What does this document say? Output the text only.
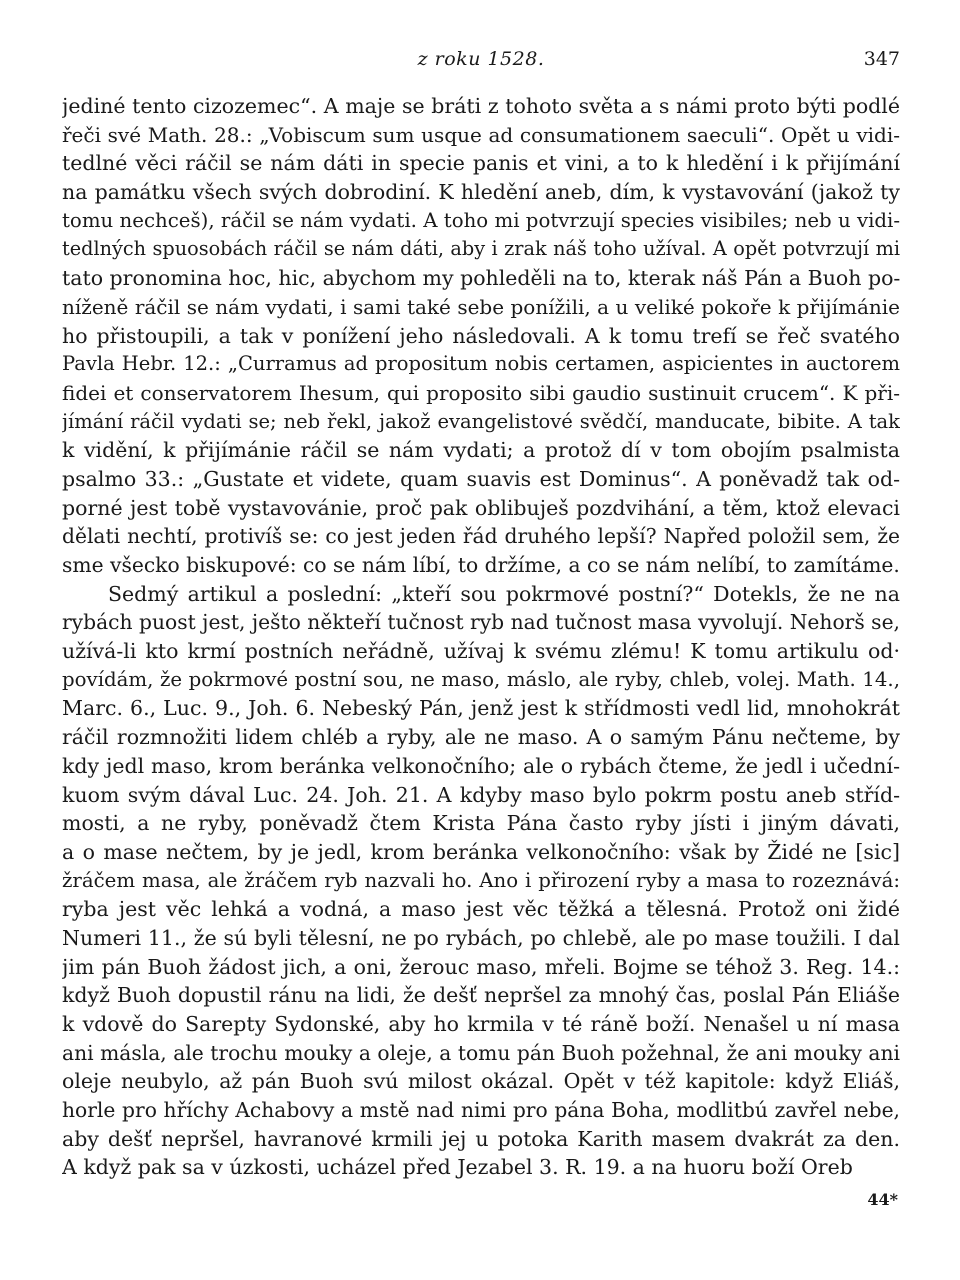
z roku 1528.	347
jediné tento cizozemec“. A maje se bráti z tohoto světa a s námi proto býti podlé
řeči své Math. 28.: „Vobiscum sum usque ad consumationem saeculi“. Opět u vidi-
tedlné věci ráčil se nám dáti in specie panis et vini, a to k hledění i k přijímání
na památku všech svých dobrodiní. K hledění aneb, dím, k vystavování (jakož ty
tomu nechceš), ráčil se nám vydati. A toho mi potvrzují species visibiles; neb u vidi-
tedlných spuosobách ráčil se nám dáti, aby i zrak náš toho užíval. A opět potvrzují mi
tato pronomina hoc, hic, abychom my pohleděli na to, kterak náš Pán a Buoh po-
níženě ráčil se nám vydati, i sami také sebe ponížili, a u veliké pokoře k přijímánie
ho přistoupili, a tak v ponížení jeho následovali. A k tomu trefí se řeč svatého
Pavla Hebr. 12.: „Curramus ad propositum nobis certamen, aspicientes in auctorem
fidei et conservatorem Ihesum, qui proposito sibi gaudio sustinuit crucem“. K při-
jímání ráčil vydati se; neb řekl, jakož evangelistové svědčí, manducate, bibite. A tak
k vidění, k přijímánie ráčil se nám vydati; a protož dí v tom obojím psalmista
psalmo 33.: „Gustate et videte, quam suavis est Dominus“. A poněvadž tak od-
porné jest tobě vystavovánie, proč pak oblibuješ pozdvihání, a těm, ktož elevaci
dělati nechtí, protivíš se: co jest jeden řád druhého lepší? Napřed položil sem, že
sme všecko biskupové: co se nám líbí, to držíme, a co se nám nelíbí, to zamítáme.
Sedmý artikul a poslední: „kteří sou pokrmové postní?“ Dotekls, že ne na
rybách puost jest, ješto někteří tučnost ryb nad tučnost masa vyvolují. Nehorš se,
užívá-li kto krmí postních neřádně, užívaj k svému zlému! K tomu artikulu od·
povídám, že pokrmové postní sou, ne maso, máslo, ale ryby, chleb, volej. Math. 14.,
Marc. 6., Luc. 9., Joh. 6. Nebeský Pán, jenž jest k střídmosti vedl lid, mnohokrát
ráčil rozmnožiti lidem chléb a ryby, ale ne maso. A o samým Pánu nečteme, by
kdy jedl maso, krom beránka velkonočního; ale o rybách čteme, že jedl i učední-
kuom svým dával Luc. 24. Joh. 21. A kdyby maso bylo pokrm postu aneb stříd-
mosti, a ne ryby, poněvadž čtem Krista Pána často ryby jísti i jiným dávati,
a o mase nečtem, by je jedl, krom beránka velkonočního: však by Židé ne [sic]
žráčem masa, ale žráčem ryb nazvali ho. Ano i přirození ryby a masa to rozeznává:
ryba jest věc lehká a vodná, a maso jest věc těžká a tělesná. Protož oni židé
Numeri 11., že sú byli tělesní, ne po rybách, po chlebě, ale po mase toužili. I dal
jim pán Buoh žádost jich, a oni, žerouc maso, mřeli. Bojme se téhož 3. Reg. 14.:
když Buoh dopustil ránu na lidi, že dešť nepršel za mnohý čas, poslal Pán Eliáše
k vdově do Sarepty Sydonské, aby ho krmila v té ráně boží. Nenašel u ní masa
ani másla, ale trochu mouky a oleje, a tomu pán Buoh požehnal, že ani mouky ani
oleje neubylo, až pán Buoh svú milost okázal. Opět v též kapitole: když Eliáš,
horle pro hříchy Achabovy a mstě nad nimi pro pána Boha, modlitbú zavřel nebe,
aby dešť nepršel, havranové krmili jej u potoka Karith masem dvakrát za den.
A když pak sa v úzkosti, ucházel před Jezabel 3. R. 19. a na huoru boží Oreb
44*
